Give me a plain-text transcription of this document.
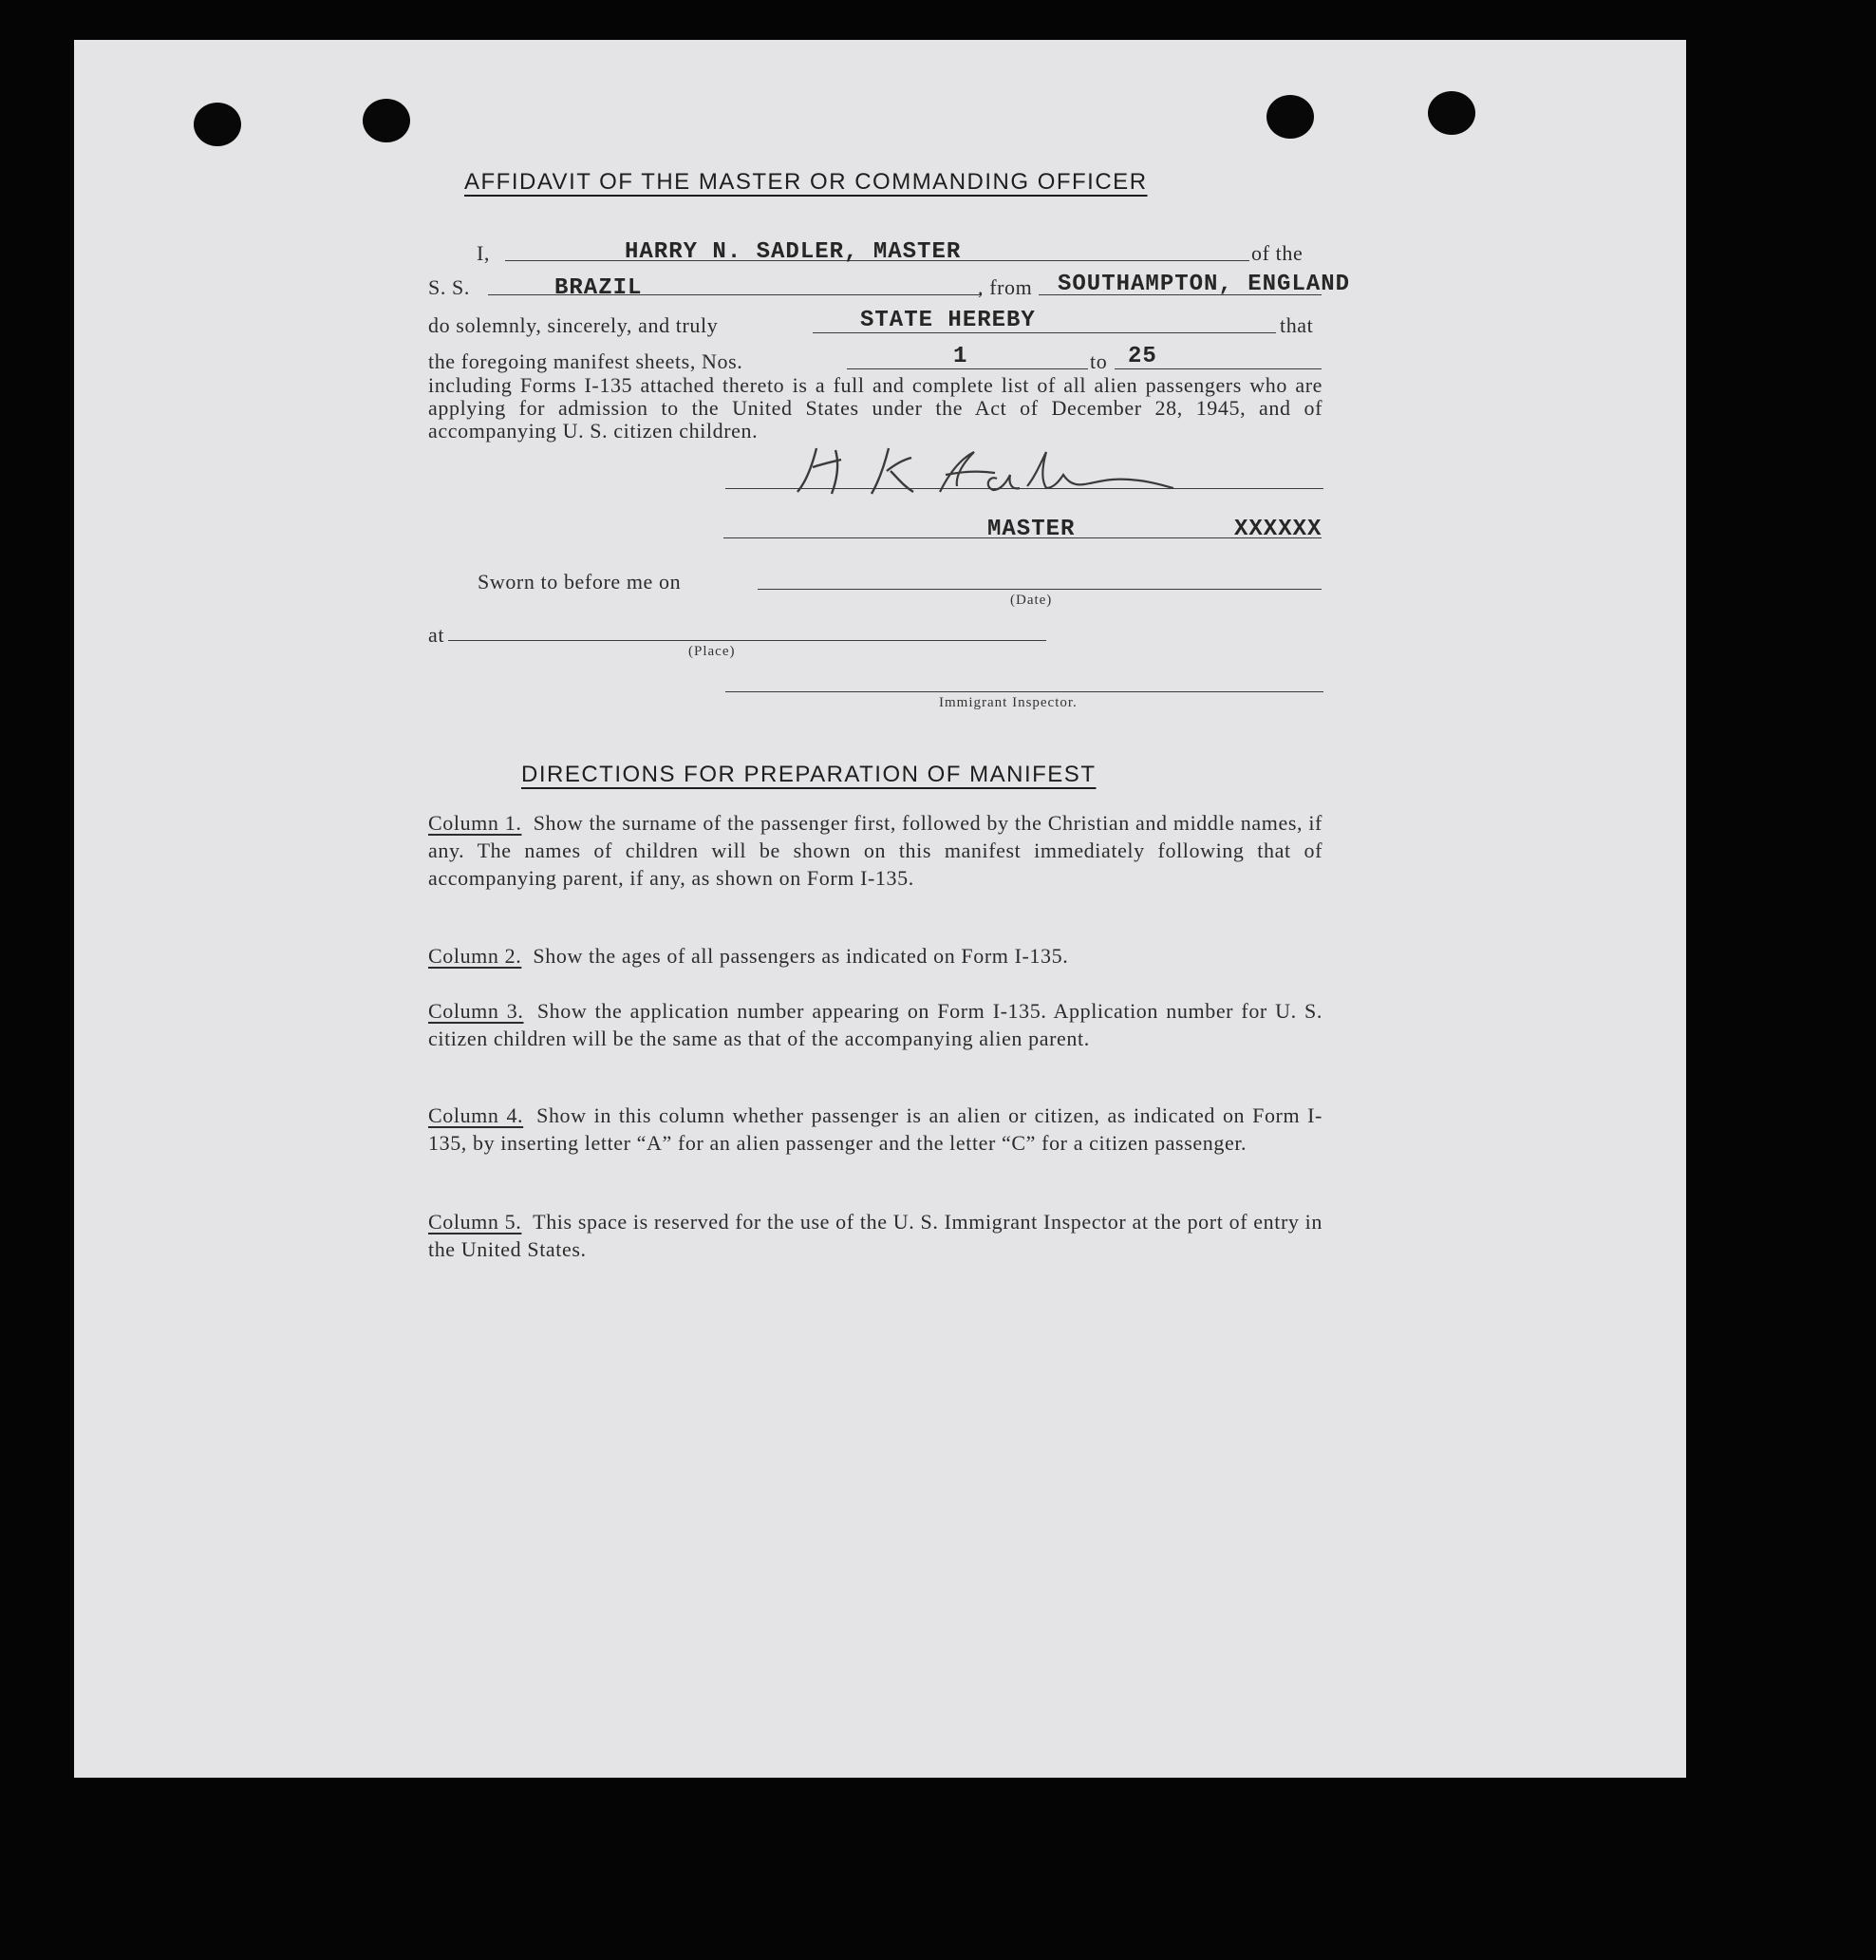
AFFIDAVIT OF THE MASTER OR COMMANDING OFFICER
I,	HARRY N. SADLER, MASTER	of the
S. S.	BRAZIL	, from SOUTHAMPTON, ENGLAND
do solemnly, sincerely, and truly	STATE HEREBY	that
the foregoing manifest sheets, Nos.	1	to 25
including Forms I-135 attached thereto is a full and complete list of all alien passengers who are applying for admission to the United States under the Act of December 28, 1945, and of accompanying U. S. citizen children.
MASTER	XXXXXX
Sworn to before me on
(Date)
at
(Place)
Immigrant Inspector.
DIRECTIONS FOR PREPARATION OF MANIFEST
Column 1. Show the surname of the passenger first, followed by the Christian and middle names, if any. The names of children will be shown on this manifest immediately following that of accompanying parent, if any, as shown on Form I-135.
Column 2. Show the ages of all passengers as indicated on Form I-135.
Column 3. Show the application number appearing on Form I-135. Application number for U. S. citizen children will be the same as that of the accompanying alien parent.
Column 4. Show in this column whether passenger is an alien or citizen, as indicated on Form I-135, by inserting letter “A” for an alien passenger and the letter “C” for a citizen passenger.
Column 5. This space is reserved for the use of the U. S. Immigrant Inspector at the port of entry in the United States.
